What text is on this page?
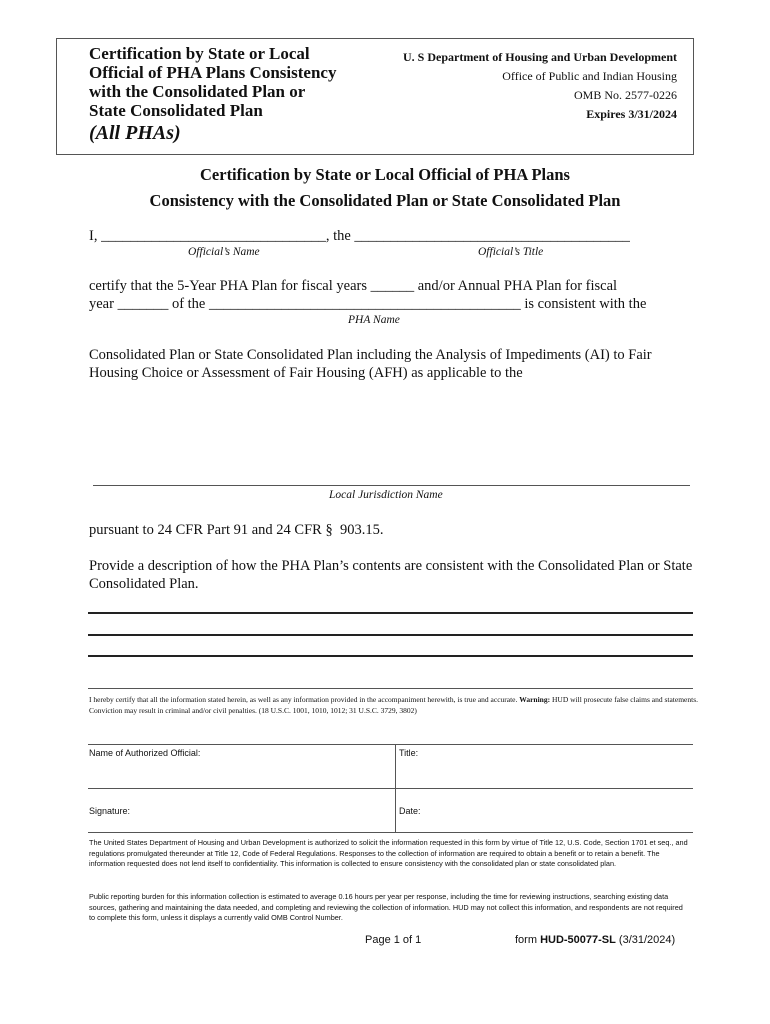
Certification by State or Local
Official of PHA Plans Consistency
with the Consolidated Plan or
State Consolidated Plan
(All PHAs)
U. S Department of Housing and Urban Development
Office of Public and Indian Housing
OMB No. 2577-0226
Expires 3/31/2024
Certification by State or Local Official of PHA Plans
Consistency with the Consolidated Plan or State Consolidated Plan
I, _______________________________, the ______________________________________
Official’s Name	Official’s Title
certify that the 5-Year PHA Plan for fiscal years ______ and/or Annual PHA Plan for fiscal
year _______ of the ___________________________________________ is consistent with the
PHA Name
Consolidated Plan or State Consolidated Plan including the Analysis of Impediments (AI) to Fair Housing Choice or Assessment of Fair Housing (AFH) as applicable to the
Local Jurisdiction Name
pursuant to 24 CFR Part 91 and 24 CFR §  903.15.
Provide a description of how the PHA Plan’s contents are consistent with the Consolidated Plan or State Consolidated Plan.
I hereby certify that all the information stated herein, as well as any information provided in the accompaniment herewith, is true and accurate. Warning: HUD will prosecute false claims and statements. Conviction may result in criminal and/or civil penalties. (18 U.S.C. 1001, 1010, 1012; 31 U.S.C. 3729, 3802)
Name of Authorized Official:	Title:
Signature:	Date:
The United States Department of Housing and Urban Development is authorized to solicit the information requested in this form by virtue of Title 12, U.S. Code, Section 1701 et seq., and regulations promulgated thereunder at Title 12, Code of Federal Regulations. Responses to the collection of information are required to obtain a benefit or to retain a benefit. The information requested does not lend itself to confidentiality. This information is collected to ensure consistency with the consolidated plan or state consolidated plan.
Public reporting burden for this information collection is estimated to average 0.16 hours per year per response, including the time for reviewing instructions, searching existing data sources, gathering and maintaining the data needed, and completing and reviewing the collection of information. HUD may not collect this information, and respondents are not required to complete this form, unless it displays a currently valid OMB Control Number.
Page 1 of 1	form HUD-50077-SL (3/31/2024)
